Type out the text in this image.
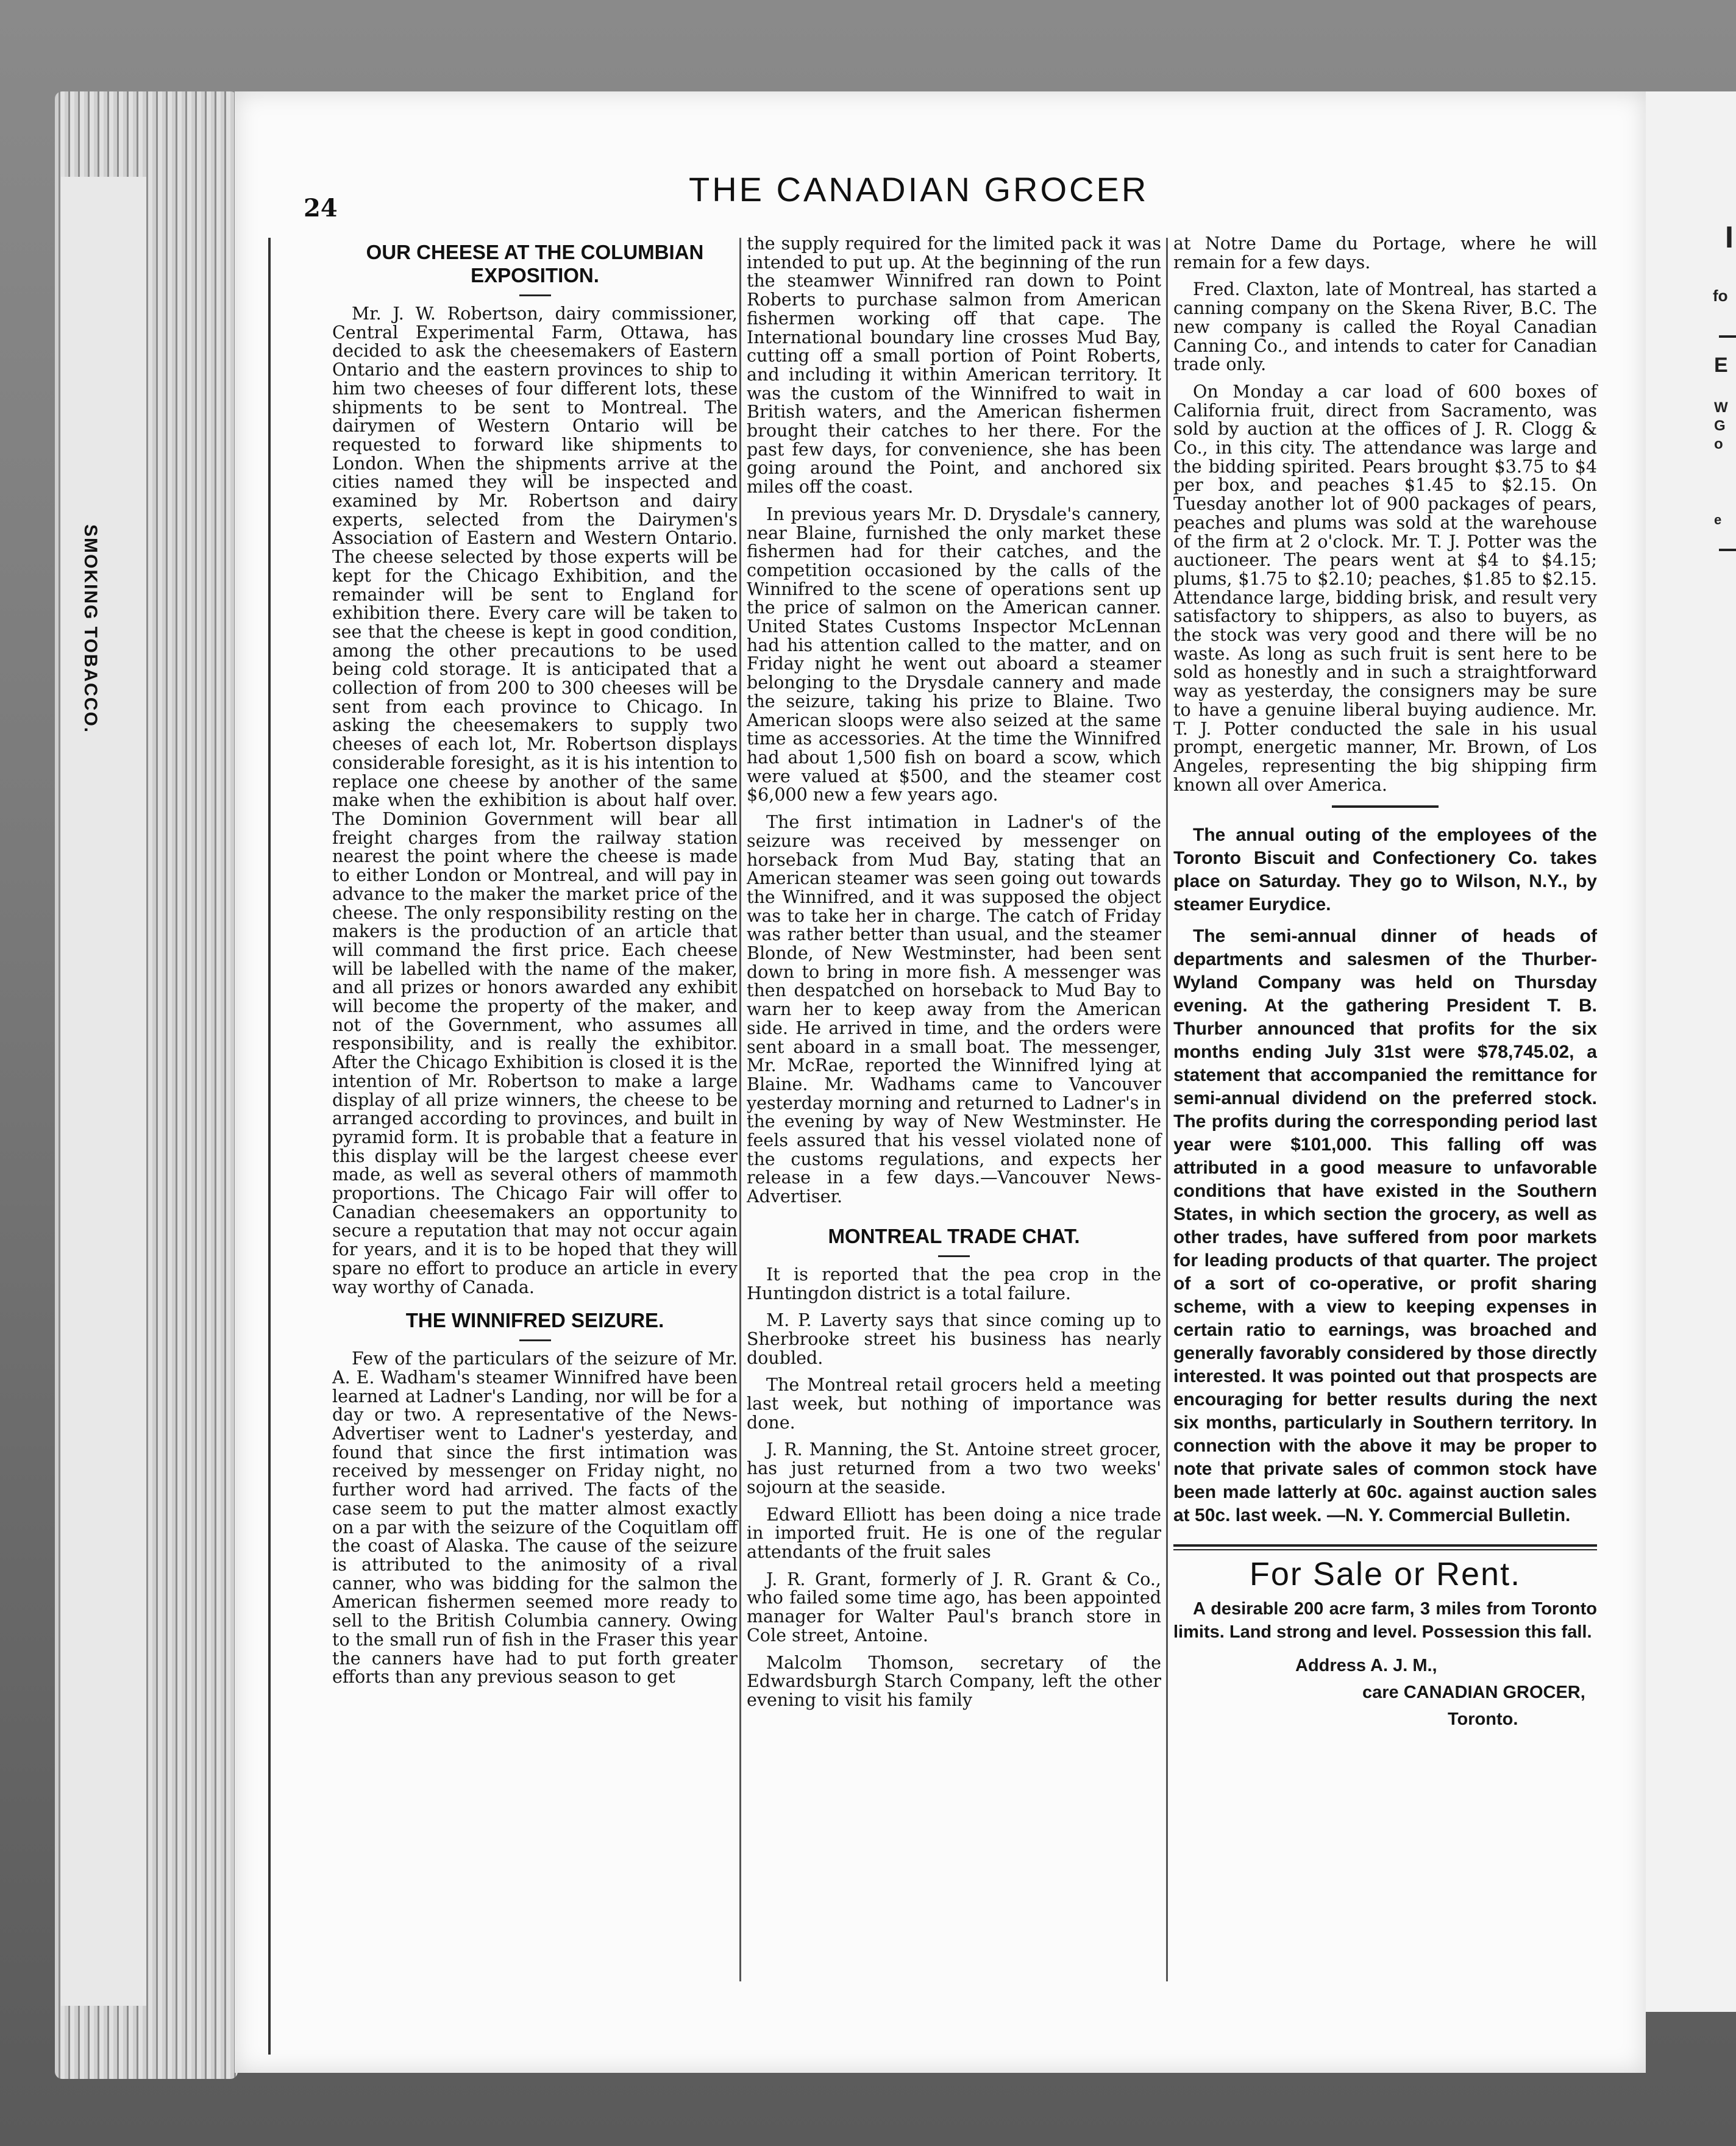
SMOKING TOBACCO.
I
fo
E
W
G
o
e
24	THE CANADIAN GROCER
OUR CHEESE AT THE COLUMBIAN EXPOSITION.

Mr. J. W. Robertson, dairy commissioner, Central Experimental Farm, Ottawa, has decided to ask the cheesemakers of Eastern Ontario and the eastern provinces to ship to him two cheeses of four different lots, these shipments to be sent to Montreal. The dairymen of Western Ontario will be requested to forward like shipments to London. When the shipments arrive at the cities named they will be inspected and examined by Mr. Robertson and dairy experts, selected from the Dairymen's Association of Eastern and Western Ontario. The cheese selected by those experts will be kept for the Chicago Exhibition, and the remainder will be sent to England for exhibition there. Every care will be taken to see that the cheese is kept in good condition, among the other precautions to be used being cold storage. It is anticipated that a collection of from 200 to 300 cheeses will be sent from each province to Chicago. In asking the cheesemakers to supply two cheeses of each lot, Mr. Robertson displays considerable foresight, as it is his intention to replace one cheese by another of the same make when the exhibition is about half over. The Dominion Government will bear all freight charges from the railway station nearest the point where the cheese is made to either London or Montreal, and will pay in advance to the maker the market price of the cheese. The only responsibility resting on the makers is the production of an article that will command the first price. Each cheese will be labelled with the name of the maker, and all prizes or honors awarded any exhibit will become the property of the maker, and not of the Government, who assumes all responsibility, and is really the exhibitor. After the Chicago Exhibition is closed it is the intention of Mr. Robertson to make a large display of all prize winners, the cheese to be arranged according to provinces, and built in pyramid form. It is probable that a feature in this display will be the largest cheese ever made, as well as several others of mammoth proportions. The Chicago Fair will offer to Canadian cheesemakers an opportunity to secure a reputation that may not occur again for years, and it is to be hoped that they will spare no effort to produce an article in every way worthy of Canada.

THE WINNIFRED SEIZURE.

Few of the particulars of the seizure of Mr. A. E. Wadham's steamer Winnifred have been learned at Ladner's Landing, nor will be for a day or two. A representative of the News-Advertiser went to Ladner's yesterday, and found that since the first intimation was received by messenger on Friday night, no further word had arrived. The facts of the case seem to put the matter almost exactly on a par with the seizure of the Coquitlam off the coast of Alaska. The cause of the seizure is attributed to the animosity of a rival canner, who was bidding for the salmon the American fishermen seemed more ready to sell to the British Columbia cannery. Owing to the small run of fish in the Fraser this year the canners have had to put forth greater efforts than any previous season to get

the supply required for the limited pack it was intended to put up. At the beginning of the run the steamwer Winnifred ran down to Point Roberts to purchase salmon from American fishermen working off that cape. The International boundary line crosses Mud Bay, cutting off a small portion of Point Roberts, and including it within American territory. It was the custom of the Winnifred to wait in British waters, and the American fishermen brought their catches to her there. For the past few days, for convenience, she has been going around the Point, and anchored six miles off the coast.

In previous years Mr. D. Drysdale's cannery, near Blaine, furnished the only market these fishermen had for their catches, and the competition occasioned by the calls of the Winnifred to the scene of operations sent up the price of salmon on the American canner. United States Customs Inspector McLennan had his attention called to the matter, and on Friday night he went out aboard a steamer belonging to the Drysdale cannery and made the seizure, taking his prize to Blaine. Two American sloops were also seized at the same time as accessories. At the time the Winnifred had about 1,500 fish on board a scow, which were valued at $500, and the steamer cost $6,000 new a few years ago.

The first intimation in Ladner's of the seizure was received by messenger on horseback from Mud Bay, stating that an American steamer was seen going out towards the Winnifred, and it was supposed the object was to take her in charge. The catch of Friday was rather better than usual, and the steamer Blonde, of New Westminster, had been sent down to bring in more fish. A messenger was then despatched on horseback to Mud Bay to warn her to keep away from the American side. He arrived in time, and the orders were sent aboard in a small boat. The messenger, Mr. McRae, reported the Winnifred lying at Blaine. Mr. Wadhams came to Vancouver yesterday morning and returned to Ladner's in the evening by way of New Westminster. He feels assured that his vessel violated none of the customs regulations, and expects her release in a few days.—Vancouver News-Advertiser.

MONTREAL TRADE CHAT.

It is reported that the pea crop in the Huntingdon district is a total failure.

M. P. Laverty says that since coming up to Sherbrooke street his business has nearly doubled.

The Montreal retail grocers held a meeting last week, but nothing of importance was done.

J. R. Manning, the St. Antoine street grocer, has just returned from a two two weeks' sojourn at the seaside.

Edward Elliott has been doing a nice trade in imported fruit. He is one of the regular attendants of the fruit sales

J. R. Grant, formerly of J. R. Grant & Co., who failed some time ago, has been appointed manager for Walter Paul's branch store in Cole street, Antoine.

Malcolm Thomson, secretary of the Edwardsburgh Starch Company, left the other evening to visit his family

at Notre Dame du Portage, where he will remain for a few days.

Fred. Claxton, late of Montreal, has started a canning company on the Skena River, B.C. The new company is called the Royal Canadian Canning Co., and intends to cater for Canadian trade only.

On Monday a car load of 600 boxes of California fruit, direct from Sacramento, was sold by auction at the offices of J. R. Clogg & Co., in this city. The attendance was large and the bidding spirited. Pears brought $3.75 to $4 per box, and peaches $1.45 to $2.15. On Tuesday another lot of 900 packages of pears, peaches and plums was sold at the warehouse of the firm at 2 o'clock. Mr. T. J. Potter was the auctioneer. The pears went at $4 to $4.15; plums, $1.75 to $2.10; peaches, $1.85 to $2.15. Attendance large, bidding brisk, and result very satisfactory to shippers, as also to buyers, as the stock was very good and there will be no waste. As long as such fruit is sent here to be sold as honestly and in such a straightforward way as yesterday, the consigners may be sure to have a genuine liberal buying audience. Mr. T. J. Potter conducted the sale in his usual prompt, energetic manner, Mr. Brown, of Los Angeles, representing the big shipping firm known all over America.

The annual outing of the employees of the Toronto Biscuit and Confectionery Co. takes place on Saturday. They go to Wilson, N.Y., by steamer Eurydice.

The semi-annual dinner of heads of departments and salesmen of the Thurber-Wyland Company was held on Thursday evening. At the gathering President T. B. Thurber announced that profits for the six months ending July 31st were $78,745.02, a statement that accompanied the remittance for semi-annual dividend on the preferred stock. The profits during the corresponding period last year were $101,000. This falling off was attributed in a good measure to unfavorable conditions that have existed in the Southern States, in which section the grocery, as well as other trades, have suffered from poor markets for leading products of that quarter. The project of a sort of co-operative, or profit sharing scheme, with a view to keeping expenses in certain ratio to earnings, was broached and generally favorably considered by those directly interested. It was pointed out that prospects are encouraging for better results during the next six months, particularly in Southern territory. In connection with the above it may be proper to note that private sales of common stock have been made latterly at 60c. against auction sales at 50c. last week. —N. Y. Commercial Bulletin.

For Sale or Rent.

A desirable 200 acre farm, 3 miles from Toronto limits. Land strong and level. Possession this fall.

Address A. J. M.,
care CANADIAN GROCER,
Toronto.
